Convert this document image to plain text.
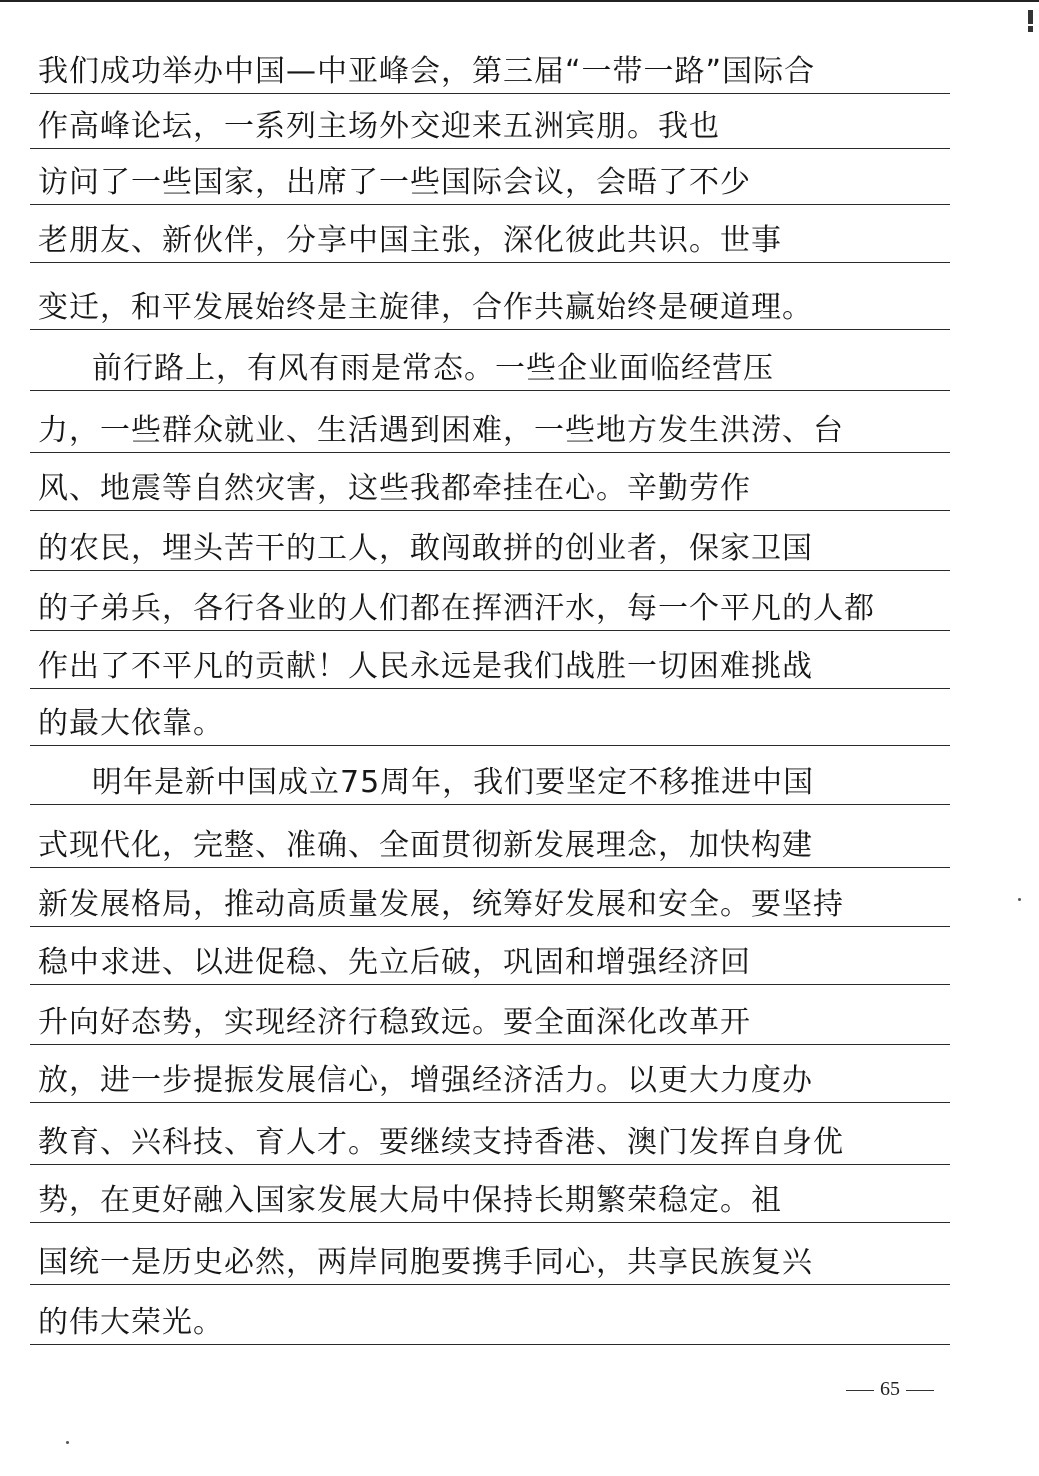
我们成功举办中国—中亚峰会，第三届“一带一路”国际合
作高峰论坛，一系列主场外交迎来五洲宾朋。我也
访问了一些国家，出席了一些国际会议，会晤了不少
老朋友、新伙伴，分享中国主张，深化彼此共识。世事
变迁，和平发展始终是主旋律，合作共赢始终是硬道理。
前行路上，有风有雨是常态。一些企业面临经营压
力，一些群众就业、生活遇到困难，一些地方发生洪涝、台
风、地震等自然灾害，这些我都牵挂在心。辛勤劳作
的农民，埋头苦干的工人，敢闯敢拼的创业者，保家卫国
的子弟兵，各行各业的人们都在挥洒汗水，每一个平凡的人都
作出了不平凡的贡献！人民永远是我们战胜一切困难挑战
的最大依靠。
明年是新中国成立75周年，我们要坚定不移推进中国
式现代化，完整、准确、全面贯彻新发展理念，加快构建
新发展格局，推动高质量发展，统筹好发展和安全。要坚持
稳中求进、以进促稳、先立后破，巩固和增强经济回
升向好态势，实现经济行稳致远。要全面深化改革开
放，进一步提振发展信心，增强经济活力。以更大力度办
教育、兴科技、育人才。要继续支持香港、澳门发挥自身优
势，在更好融入国家发展大局中保持长期繁荣稳定。祖
国统一是历史必然，两岸同胞要携手同心，共享民族复兴
的伟大荣光。
65
